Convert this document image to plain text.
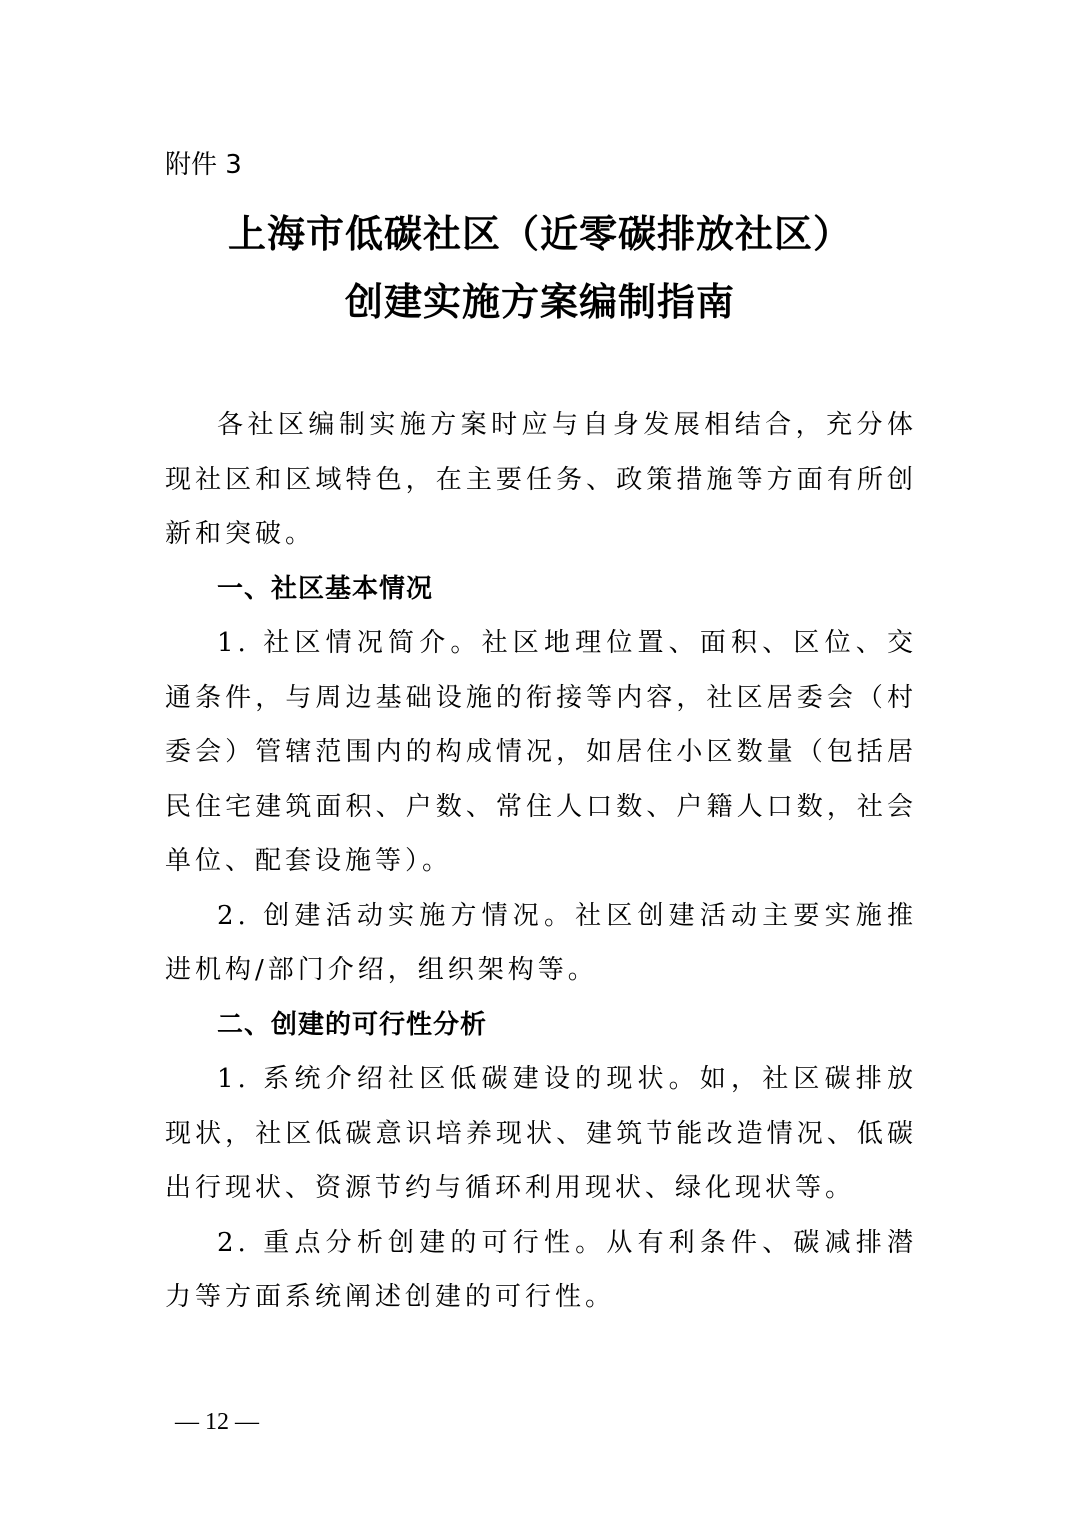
附件 3
上海市低碳社区（近零碳排放社区）
创建实施方案编制指南

各社区编制实施方案时应与自身发展相结合，充分体现社区和区域特色，在主要任务、政策措施等方面有所创新和突破。

一、社区基本情况

1. 社区情况简介。社区地理位置、面积、区位、交通条件，与周边基础设施的衔接等内容，社区居委会（村委会）管辖范围内的构成情况，如居住小区数量（包括居民住宅建筑面积、户数、常住人口数、户籍人口数，社会单位、配套设施等）。

2. 创建活动实施方情况。社区创建活动主要实施推进机构/部门介绍，组织架构等。

二、创建的可行性分析

1. 系统介绍社区低碳建设的现状。如，社区碳排放现状，社区低碳意识培养现状、建筑节能改造情况、低碳出行现状、资源节约与循环利用现状、绿化现状等。

2. 重点分析创建的可行性。从有利条件、碳减排潜力等方面系统阐述创建的可行性。

— 12 —
